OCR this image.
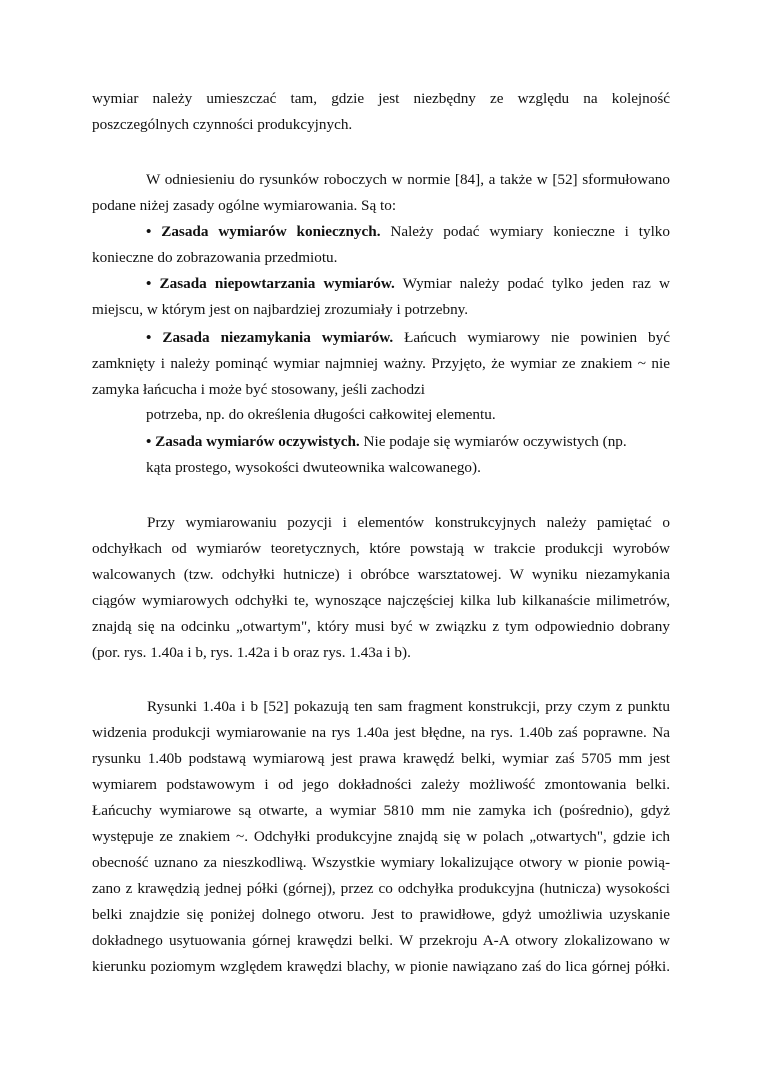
wymiar należy umieszczać tam, gdzie jest niezbędny ze względu na kolejność
poszczególnych czynności produkcyjnych.
W odniesieniu do rysunków roboczych w normie [84], a także w [52] sformułowano
podane niżej zasady ogólne wymiarowania. Są to:
• Zasada wymiarów koniecznych. Należy podać wymiary konieczne i tylko
konieczne do zobrazowania przedmiotu.
• Zasada niepowtarzania wymiarów. Wymiar należy podać tylko jeden raz w
miejscu, w którym jest on najbardziej zrozumiały i potrzebny.
• Zasada niezamykania wymiarów. Łańcuch wymiarowy nie powinien być
zamknięty i należy pominąć wymiar najmniej ważny. Przyjęto, że wymiar ze znakiem ~ nie
zamyka łańcucha i może być stosowany, jeśli zachodzi
potrzeba, np. do określenia długości całkowitej elementu.
• Zasada wymiarów oczywistych. Nie podaje się wymiarów oczywistych (np.
kąta prostego, wysokości dwuteownika walcowanego).
Przy wymiarowaniu pozycji i elementów konstrukcyjnych należy pamiętać o
odchyłkach od wymiarów teoretycznych, które powstają w trakcie produkcji wyrobów
walcowanych (tzw. odchyłki hutnicze) i obróbce warsztatowej. W wyniku niezamykania
ciągów wymiarowych odchyłki te, wynoszące najczęściej kilka lub kilkanaście milimetrów,
znajdą się na odcinku „otwartym", który musi być w związku z tym odpowiednio dobrany
(por. rys. 1.40a i b, rys. 1.42a i b oraz rys. 1.43a i b).
Rysunki 1.40a i b [52] pokazują ten sam fragment konstrukcji, przy czym z punktu
widzenia produkcji wymiarowanie na rys 1.40a jest błędne, na rys. 1.40b zaś poprawne. Na
rysunku 1.40b podstawą wymiarową jest prawa krawędź belki, wymiar zaś 5705 mm jest
wymiarem podstawowym i od jego dokładności zależy możliwość zmontowania belki.
Łańcuchy wymiarowe są otwarte, a wymiar 5810 mm nie zamyka ich (pośrednio), gdyż
występuje ze znakiem ~. Odchyłki produkcyjne znajdą się w polach „otwartych", gdzie ich
obecność uznano za nieszkodliwą. Wszystkie wymiary lokalizujące otwory w pionie powią-
zano z krawędzią jednej półki (górnej), przez co odchyłka produkcyjna (hutnicza) wysokości
belki znajdzie się poniżej dolnego otworu. Jest to prawidłowe, gdyż umożliwia uzyskanie
dokładnego usytuowania górnej krawędzi belki. W przekroju A-A otwory zlokalizowano w
kierunku poziomym względem krawędzi blachy, w pionie nawiązano zaś do lica górnej półki.
